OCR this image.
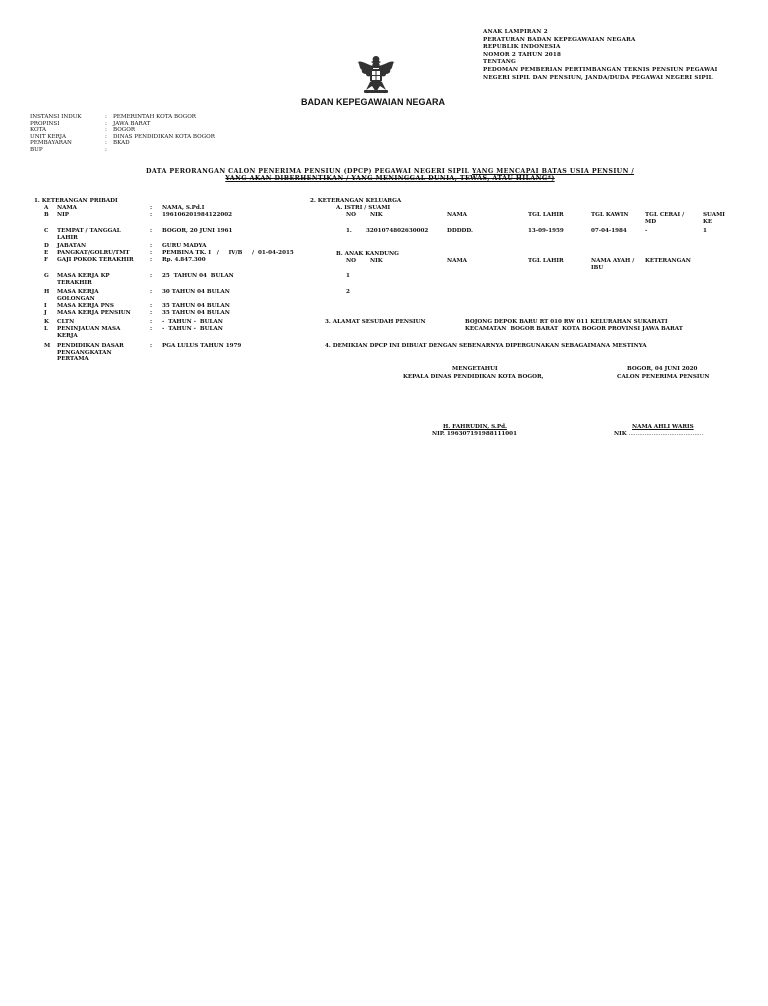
ANAK LAMPIRAN 2
PERATURAN BADAN KEPEGAWAIAN NEGARA
REPUBLIK INDONESIA
NOMOR 2 TAHUN 2018
TENTANG
PEDOMAN PEMBERIAN PERTIMBANGAN TEKNIS PENSIUN PEGAWAI
NEGERI SIPIL DAN PENSIUN, JANDA/DUDA PEGAWAI NEGERI SIPIL
BADAN KEPEGAWAIAN NEGARA
INSTANSI INDUK	:	PEMERINTAH KOTA BOGOR
PROPINSI	:	JAWA BARAT
KOTA	:	BOGOR
UNIT KERJA	:	DINAS PENDIDIKAN KOTA BOGOR
PEMBAYARAN	:	BKAD
BUP	:
DATA PERORANGAN CALON PENERIMA PENSIUN (DPCP) PEGAWAI NEGERI SIPIL YANG MENCAPAI BATAS USIA PENSIUN /
YANG AKAN DIBERHENTIKAN / YANG MENINGGAL DUNIA, TEWAS, ATAU HILANG*)
1. KETERANGAN PRIBADI
A NAMA	: NAMA, S.Pd.I
B NIP	: 196106201984122002
C TEMPAT / TANGGAL LAHIR
: BOGOR, 20 JUNI 1961
D JABATAN	: GURU MADYA
E PANGKAT/GOLRU/TMT	: PEMBINA TK. I   /     IV/B     /  01-04-2015
F GAJI POKOK TERAKHIR	: Rp. 4.847.300
G MASA KERJA KP TERAKHIR
: 25  TAHUN 04  BULAN
H MASA KERJA GOLONGAN
: 30 TAHUN 04 BULAN
I MASA KERJA PNS	: 35 TAHUN 04 BULAN
J MASA KERJA PENSIUN	: 35 TAHUN 04 BULAN
K CLTN	: -  TAHUN -  BULAN
L PENINJAUAN MASA KERJA
: -  TAHUN -  BULAN
M PENDIDIKAN DASAR PENGANGKATAN PERTAMA
: PGA LULUS TAHUN 1979
2. KETERANGAN KELUARGA
A. ISTRI / SUAMI
NO	NIK	NAMA	TGL LAHIR	TGL KAWIN	TGL CERAI / MD
SUAMI KE
1.	3201074802630002	DDDDD.	13-09-1959	07-04-1984	-	1
B. ANAK KANDUNG
NO	NIK	NAMA	TGL LAHIR	NAMA AYAH / IBU
KETERANGAN
1
2
3. ALAMAT SESUDAH PENSIUN	BOJONG DEPOK BARU RT 010 RW 011 KELURAHAN SUKAHATI
KECAMATAN  BOGOR BARAT  KOTA BOGOR PROVINSI JAWA BARAT
4. DEMIKIAN DPCP INI DIBUAT DENGAN SEBENARNYA DIPERGUNAKAN SEBAGAIMANA MESTINYA
MENGETAHUI
KEPALA DINAS PENDIDIKAN KOTA BOGOR,
H. FAHRUDIN, S.Pd.
NIP. 196307191988111001
BOGOR, 04 JUNI 2020
CALON PENERIMA PENSIUN
NAMA AHLI WARIS
NIK ..........................................
